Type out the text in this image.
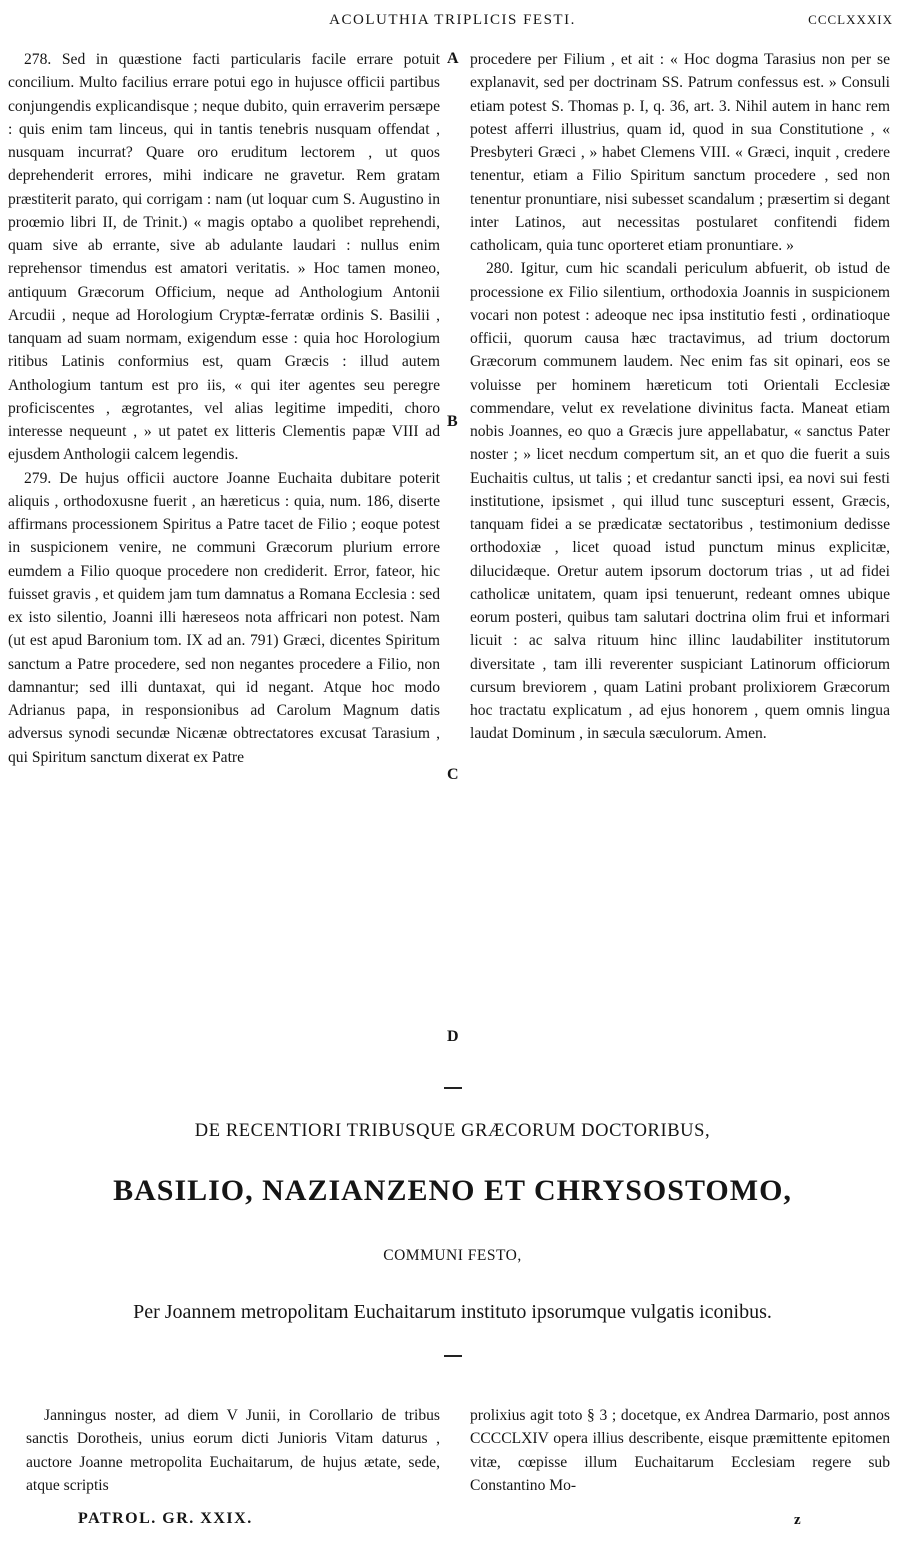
ACOLUTHIA TRIPLICIS FESTI.	CCCLXXXIX

278. Sed in quæstione facti particularis facile errare potuit concilium. Multo facilius errare potui ego in hujusce officii partibus conjungendis explicandisque ; neque dubito, quin erraverim persæpe : quis enim tam linceus, qui in tantis tenebris nusquam offendat , nusquam incurrat? Quare oro eruditum lectorem , ut quos deprehenderit errores, mihi indicare ne gravetur. Rem gratam præstiterit parato, qui corrigam : nam (ut loquar cum S. Augustino in proœmio libri II, de Trinit.) « magis optabo a quolibet reprehendi, quam sive ab errante, sive ab adulante laudari : nullus enim reprehensor timendus est amatori veritatis. » Hoc tamen moneo, antiquum Græcorum Officium, neque ad Anthologium Antonii Arcudii , neque ad Horologium Cryptæ-ferratæ ordinis S. Basilii , tanquam ad suam normam, exigendum esse : quia hoc Horologium ritibus Latinis conformius est, quam Græcis : illud autem Anthologium tantum est pro iis, « qui iter agentes seu peregre proficiscentes , ægrotantes, vel alias legitime impediti, choro interesse nequeunt , » ut patet ex litteris Clementis papæ VIII ad ejusdem Anthologii calcem legendis.

279. De hujus officii auctore Joanne Euchaita dubitare poterit aliquis , orthodoxusne fuerit , an hæreticus : quia, num. 186, diserte affirmans processionem Spiritus a Patre tacet de Filio ; eoque potest in suspicionem venire, ne communi Græcorum plurium errore eumdem a Filio quoque procedere non crediderit. Error, fateor, hic fuisset gravis , et quidem jam tum damnatus a Romana Ecclesia : sed ex isto silentio, Joanni illi hæreseos nota affricari non potest. Nam (ut est apud Baronium tom. IX ad an. 791) Græci, dicentes Spiritum sanctum a Patre procedere, sed non negantes procedere a Filio, non damnantur; sed illi duntaxat, qui id negant. Atque hoc modo Adrianus papa, in responsionibus ad Carolum Magnum datis adversus synodi secundæ Nicænæ obtrectatores excusat Tarasium , qui Spiritum sanctum dixerat ex Patre

A
B
C
D

procedere per Filium , et ait : « Hoc dogma Tarasius non per se explanavit, sed per doctrinam SS. Patrum confessus est. » Consuli etiam potest S. Thomas p. I, q. 36, art. 3. Nihil autem in hanc rem potest afferri illustrius, quam id, quod in sua Constitutione , « Presbyteri Græci , » habet Clemens VIII. « Græci, inquit , credere tenentur, etiam a Filio Spiritum sanctum procedere , sed non tenentur pronuntiare, nisi subesset scandalum ; præsertim si degant inter Latinos, aut necessitas postularet confitendi fidem catholicam, quia tunc oporteret etiam pronuntiare. »

280. Igitur, cum hic scandali periculum abfuerit, ob istud de processione ex Filio silentium, orthodoxia Joannis in suspicionem vocari non potest : adeoque nec ipsa institutio festi , ordinatioque officii, quorum causa hæc tractavimus, ad trium doctorum Græcorum communem laudem. Nec enim fas sit opinari, eos se voluisse per hominem hæreticum toti Orientali Ecclesiæ commendare, velut ex revelatione divinitus facta. Maneat etiam nobis Joannes, eo quo a Græcis jure appellabatur, « sanctus Pater noster ; » licet necdum compertum sit, an et quo die fuerit a suis Euchaitis cultus, ut talis ; et credantur sancti ipsi, ea novi sui festi institutione, ipsismet , qui illud tunc suscepturi essent, Græcis, tanquam fidei a se prædicatæ sectatoribus , testimonium dedisse orthodoxiæ , licet quoad istud punctum minus explicitæ, dilucidæque. Oretur autem ipsorum doctorum trias , ut ad fidei catholicæ unitatem, quam ipsi tenuerunt, redeant omnes ubique eorum posteri, quibus tam salutari doctrina olim frui et informari licuit : ac salva rituum hinc illinc laudabiliter institutorum diversitate , tam illi reverenter suspiciant Latinorum officiorum cursum breviorem , quam Latini probant prolixiorem Græcorum hoc tractatu explicatum , ad ejus honorem , quem omnis lingua laudat Dominum , in sæcula sæculorum. Amen.

DE RECENTIORI TRIBUSQUE GRÆCORUM DOCTORIBUS,
BASILIO, NAZIANZENO ET CHRYSOSTOMO,
COMMUNI FESTO,
Per Joannem metropolitam Euchaitarum instituto ipsorumque vulgatis iconibus.

Janningus noster, ad diem V Junii, in Corollario de tribus sanctis Dorotheis, unius eorum dicti Junioris Vitam daturus , auctore Joanne metropolita Euchaitarum, de hujus ætate, sede, atque scriptis

prolixius agit toto § 3 ; docetque, ex Andrea Darmario, post annos CCCCLXIV opera illius describente, eisque præmittente epitomen vitæ, cœpisse illum Euchaitarum Ecclesiam regere sub Constantino Mo-

PATROL. GR. XXIX.	z
